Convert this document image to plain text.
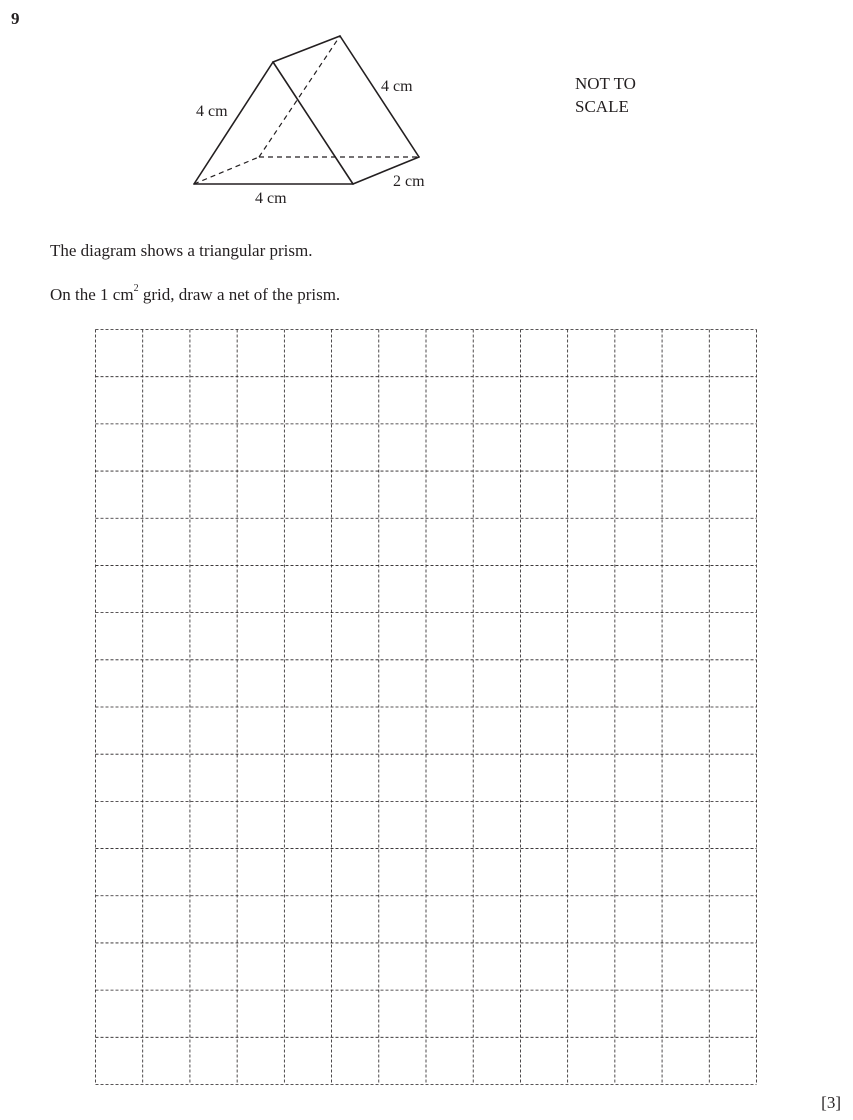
9
4 cm
4 cm
2 cm
4 cm
NOT TO
SCALE
The diagram shows a triangular prism.
On the 1 $cm^2$ grid, draw a net of the prism.
[3]
